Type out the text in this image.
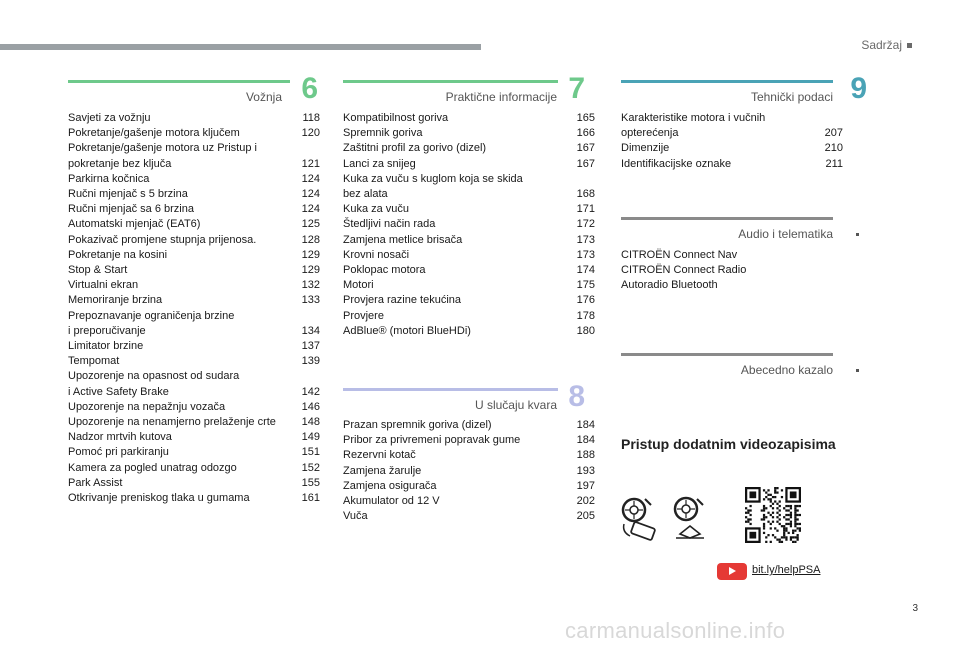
Sadržaj
Vožnja 6
Savjeti za vožnju	118
Pokretanje/gašenje motora ključem	120
Pokretanje/gašenje motora uz Pristup i
pokretanje bez ključa	121
Parkirna kočnica	124
Ručni mjenjač s 5 brzina	124
Ručni mjenjač sa 6 brzina	124
Automatski mjenjač (EAT6)	125
Pokazivač promjene stupnja prijenosa.	128
Pokretanje na kosini	129
Stop & Start	129
Virtualni ekran	132
Memoriranje brzina	133
Prepoznavanje ograničenja brzine
i preporučivanje	134
Limitator brzine	137
Tempomat	139
Upozorenje na opasnost od sudara
i Active Safety Brake	142
Upozorenje na nepažnju vozača	146
Upozorenje na nenamjerno prelaženje crte 148
Nadzor mrtvih kutova	149
Pomoć pri parkiranju	151
Kamera za pogled unatrag odozgo	152
Park Assist	155
Otkrivanje preniskog tlaka u gumama	161
Praktične informacije 7
Kompatibilnost goriva	165
Spremnik goriva	166
Zaštitni profil za gorivo (dizel)	167
Lanci za snijeg	167
Kuka za vuču s kuglom koja se skida
bez alata	168
Kuka za vuču	171
Štedljivi način rada	172
Zamjena metlice brisača	173
Krovni nosači	173
Poklopac motora	174
Motori	175
Provjera razine tekućina	176
Provjere	178
AdBlue® (motori BlueHDi)	180
U slučaju kvara 8
Prazan spremnik goriva (dizel)	184
Pribor za privremeni popravak gume	184
Rezervni kotač	188
Zamjena žarulje	193
Zamjena osigurača	197
Akumulator od 12 V	202
Vuča	205
Tehnički podaci 9
Karakteristike motora i vučnih opterećenja	207
Dimenzije	210
Identifikacijske oznake	211
Audio i telematika
CITROËN Connect Nav
CITROËN Connect Radio
Autoradio Bluetooth
Abecedno kazalo
Pristup dodatnim videozapisima
bit.ly/helpPSA
3
carmanualsonline.info
